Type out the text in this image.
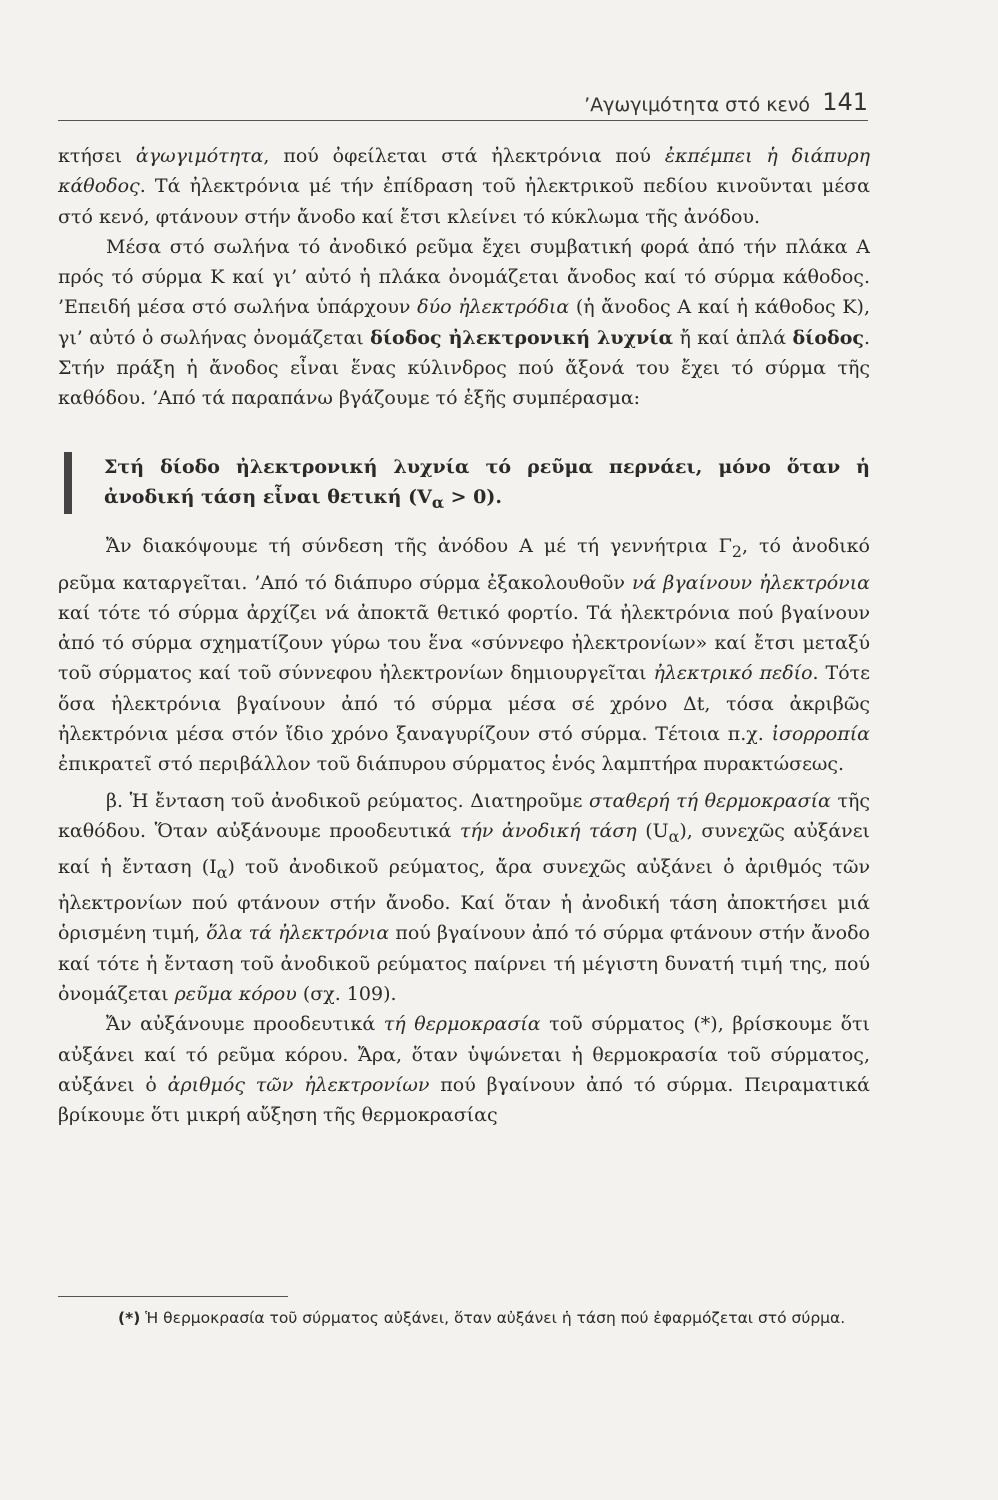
’Αγωγιμότητα στό κενό 141

κτήσει ἀγωγιμότητα, πού ὀφείλεται στά ἠλεκτρόνια πού ἐκπέμπει ἡ διάπυρη κάθοδος. Τά ἠλεκτρόνια μέ τήν ἐπίδραση τοῦ ἠλεκτρικοῦ πεδίου κινοῦνται μέσα στό κενό, φτάνουν στήν ἄνοδο καί ἔτσι κλείνει τό κύκλωμα τῆς ἀνόδου.

Μέσα στό σωλήνα τό ἀνοδικό ρεῦμα ἔχει συμβατική φορά ἀπό τήν πλάκα Α πρός τό σύρμα Κ καί γι’ αὐτό ἡ πλάκα ὀνομάζεται ἄνοδος καί τό σύρμα κάθοδος. ’Επειδή μέσα στό σωλήνα ὑπάρχουν δύο ἠλεκτρόδια (ἡ ἄνοδος Α καί ἡ κάθοδος Κ), γι’ αὐτό ὁ σωλήνας ὀνομάζεται δίοδος ἠλεκτρονική λυχνία ἤ καί ἁπλά δίοδος. Στήν πράξη ἡ ἄνοδος εἶναι ἕνας κύλινδρος πού ἄξονά του ἔχει τό σύρμα τῆς καθόδου. ’Από τά παραπάνω βγάζουμε τό ἑξῆς συμπέρασμα:

Στή δίοδο ἠλεκτρονική λυχνία τό ρεῦμα περνάει, μόνο ὅταν ἡ ἀνοδική τάση εἶναι θετική $(V_\alpha > 0)$.

Ἄν διακόψουμε τή σύνδεση τῆς ἀνόδου Α μέ τή γεννήτρια $\Gamma_2$, τό ἀνοδικό ρεῦμα καταργεῖται. ’Από τό διάπυρο σύρμα ἐξακολουθοῦν νά βγαίνουν ἠλεκτρόνια καί τότε τό σύρμα ἀρχίζει νά ἀποκτᾶ θετικό φορτίο. Τά ἠλεκτρόνια πού βγαίνουν ἀπό τό σύρμα σχηματίζουν γύρω του ἕνα «σύννεφο ἠλεκτρονίων» καί ἔτσι μεταξύ τοῦ σύρματος καί τοῦ σύννεφου ἠλεκτρονίων δημιουργεῖται ἠλεκτρικό πεδίο. Τότε ὅσα ἠλεκτρόνια βγαίνουν ἀπό τό σύρμα μέσα σέ χρόνο Δt, τόσα ἀκριβῶς ἠλεκτρόνια μέσα στόν ἴδιο χρόνο ξαναγυρίζουν στό σύρμα. Τέτοια π.χ. ἰσορροπία ἐπικρατεῖ στό περιβάλλον τοῦ διάπυρου σύρματος ἑνός λαμπτήρα πυρακτώσεως.

β. Ἡ ἔνταση τοῦ ἀνοδικοῦ ρεύματος. Διατηροῦμε σταθερή τή θερμοκρασία τῆς καθόδου. Ὅταν αὐξάνουμε προοδευτικά τήν ἀνοδική τάση $(U_\alpha)$, συνεχῶς αὐξάνει καί ἡ ἔνταση $(I_\alpha)$ τοῦ ἀνοδικοῦ ρεύματος, ἄρα συνεχῶς αὐξάνει ὁ ἀριθμός τῶν ἠλεκτρονίων πού φτάνουν στήν ἄνοδο. Καί ὅταν ἡ ἀνοδική τάση ἀποκτήσει μιά ὁρισμένη τιμή, ὅλα τά ἠλεκτρόνια πού βγαίνουν ἀπό τό σύρμα φτάνουν στήν ἄνοδο καί τότε ἡ ἔνταση τοῦ ἀνοδικοῦ ρεύματος παίρνει τή μέγιστη δυνατή τιμή της, πού ὀνομάζεται ρεῦμα κόρου (σχ. 109).

Ἄν αὐξάνουμε προοδευτικά τή θερμοκρασία τοῦ σύρματος (*), βρίσκουμε ὅτι αὐξάνει καί τό ρεῦμα κόρου. Ἄρα, ὅταν ὑψώνεται ἡ θερμοκρασία τοῦ σύρματος, αὐξάνει ὁ ἀριθμός τῶν ἠλεκτρονίων πού βγαίνουν ἀπό τό σύρμα. Πειραματικά βρίκουμε ὅτι μικρή αὔξηση τῆς θερμοκρασίας

(*) Ἡ θερμοκρασία τοῦ σύρματος αὐξάνει, ὅταν αὐξάνει ἡ τάση πού ἐφαρμόζεται στό σύρμα.
